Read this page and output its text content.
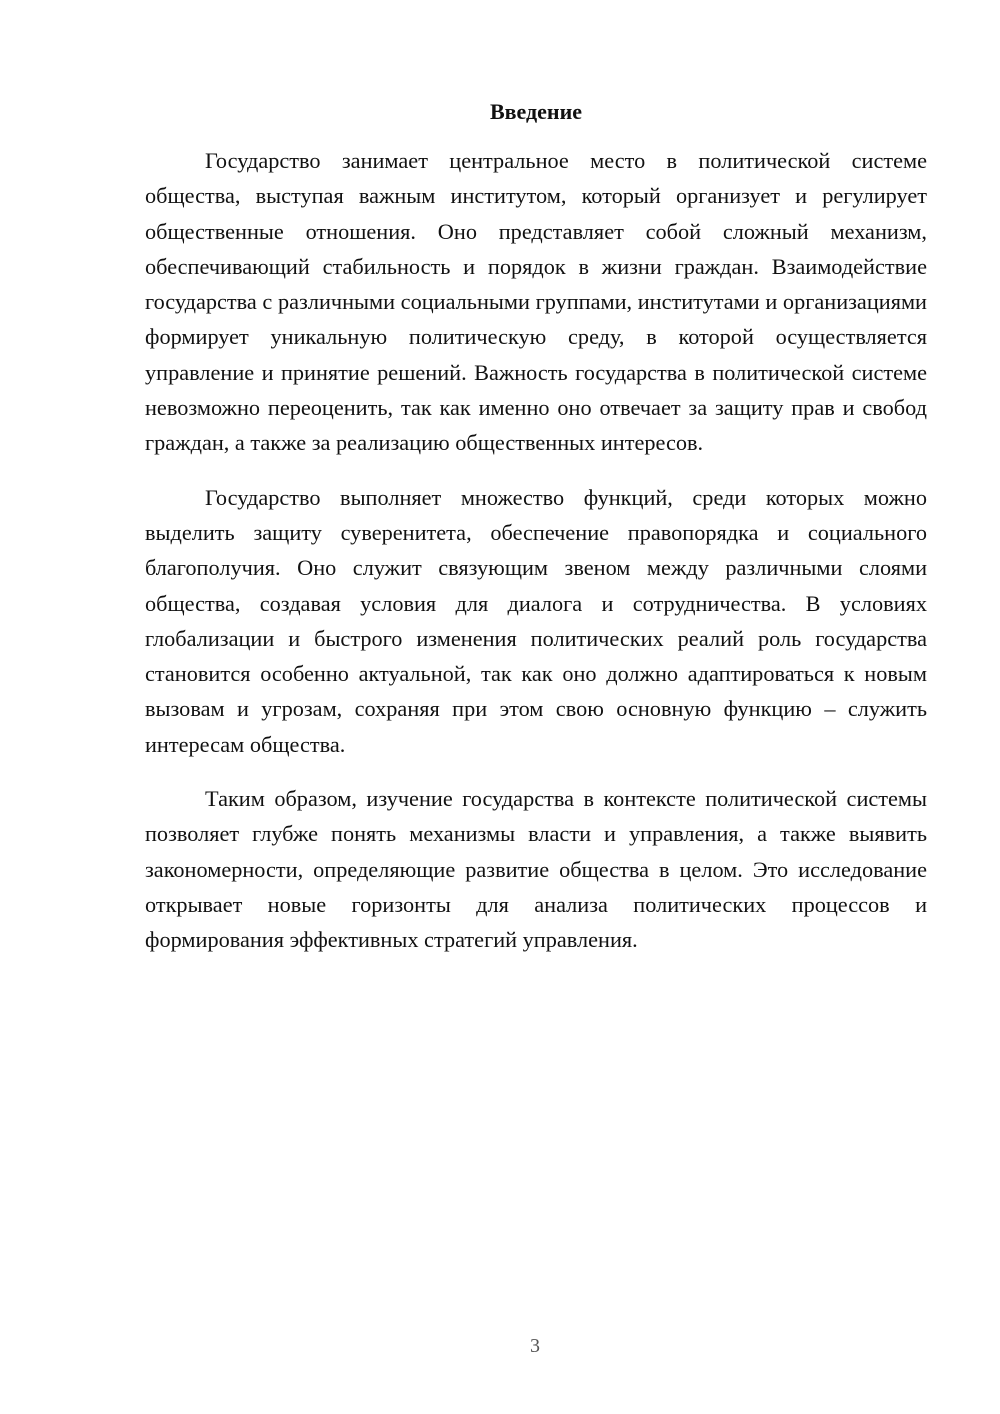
Введение

Государство занимает центральное место в политической системе общества, выступая важным институтом, который организует и регулирует общественные отношения. Оно представляет собой сложный механизм, обеспечивающий стабильность и порядок в жизни граждан. Взаимодействие государства с различными социальными группами, институтами и организациями формирует уникальную политическую среду, в которой осуществляется управление и принятие решений. Важность государства в политической системе невозможно переоценить, так как именно оно отвечает за защиту прав и свобод граждан, а также за реализацию общественных интересов.

Государство выполняет множество функций, среди которых можно выделить защиту суверенитета, обеспечение правопорядка и социального благополучия. Оно служит связующим звеном между различными слоями общества, создавая условия для диалога и сотрудничества. В условиях глобализации и быстрого изменения политических реалий роль государства становится особенно актуальной, так как оно должно адаптироваться к новым вызовам и угрозам, сохраняя при этом свою основную функцию – служить интересам общества.

Таким образом, изучение государства в контексте политической системы позволяет глубже понять механизмы власти и управления, а также выявить закономерности, определяющие развитие общества в целом. Это исследование открывает новые горизонты для анализа политических процессов и формирования эффективных стратегий управления.

3
